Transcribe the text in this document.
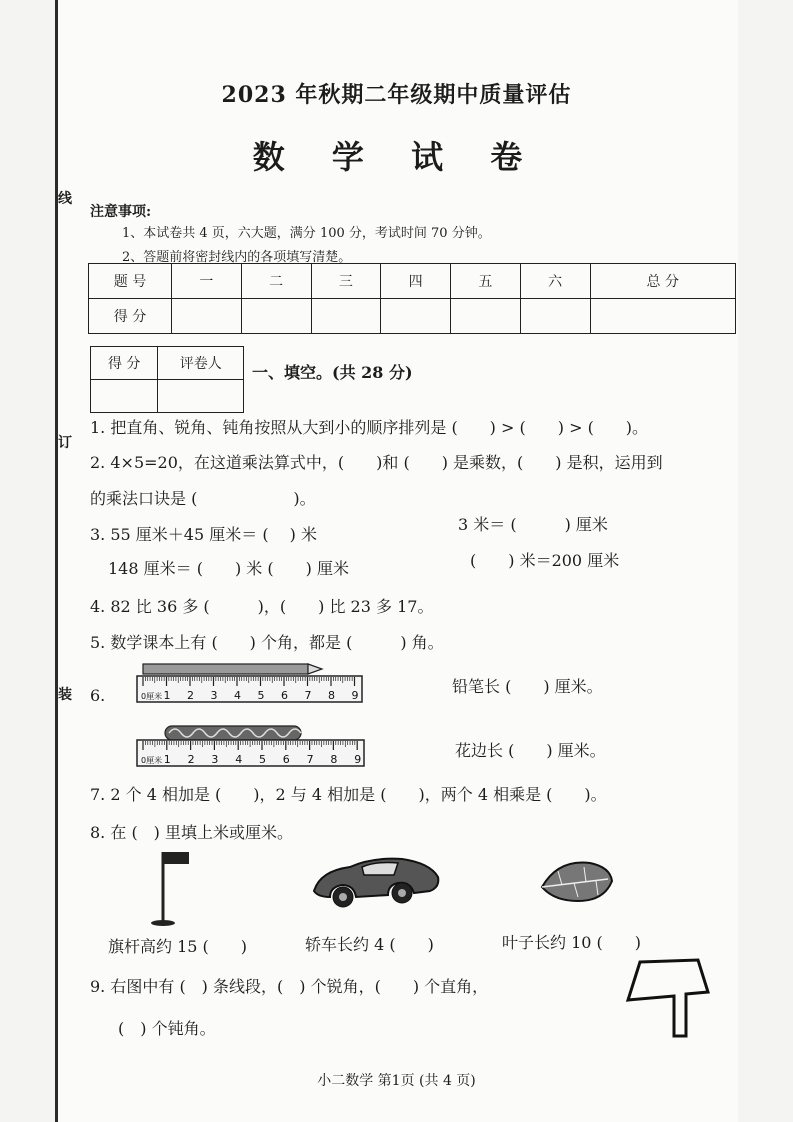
线
订
装
2023 年秋期二年级期中质量评估
数 学 试 卷
注意事项:
1、本试卷共 4 页，六大题，满分 100 分，考试时间 70 分钟。
2、答题前将密封线内的各项填写清楚。
题 号	一	二	三	四	五	六	总 分
得 分							
得 分	评卷人
	一、填空。(共 28 分)
1. 把直角、锐角、钝角按照从大到小的顺序排列是 (　　) > (　　) > (　　)。
2. 4×5=20，在这道乘法算式中，(　　)和 (　　) 是乘数，(　　) 是积，运用到
的乘法口诀是 (　　　　　　)。
3. 55 厘米＋45 厘米＝ (　 ) 米
3 米＝ (　　　) 厘米
148 厘米＝ (　　) 米 (　　) 厘米	(　　) 米＝200 厘米
4. 82 比 36 多 (　　　)，(　　) 比 23 多 17。
5. 数学课本上有 (　　) 个角，都是 (　　　) 角。
6.	0厘米 1 2 3 4 5 6 7 8 9	铅笔长 (　　) 厘米。
0厘米 1 2 3 4 5 6 7 8 9	花边长 (　　) 厘米。
7. 2 个 4 相加是 (　　)，2 与 4 相加是 (　　)，两个 4 相乘是 (　　)。
8. 在 (　) 里填上米或厘米。
旗杆高约 15 (　　)	轿车长约 4 (　　)	叶子长约 10 (　　)
9. 右图中有 (　) 条线段，(　) 个锐角，(　　) 个直角，
(　) 个钝角。
小二数学 第1页 (共 4 页)
